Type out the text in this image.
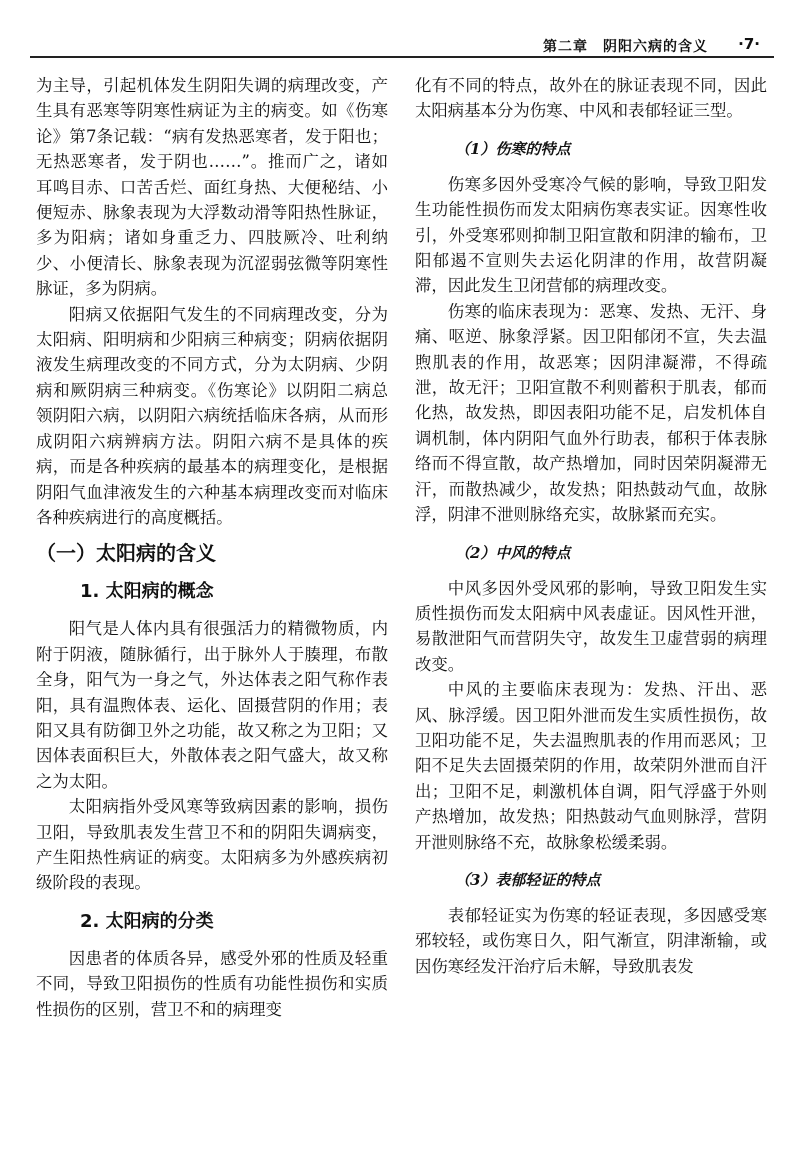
第二章　阴阳六病的含义 ·7·

为主导，引起机体发生阴阳失调的病理改变，产生具有恶寒等阴寒性病证为主的病变。如《伤寒论》第7条记载：“病有发热恶寒者，发于阳也；无热恶寒者，发于阴也……”。推而广之，诸如耳鸣目赤、口苦舌烂、面红身热、大便秘结、小便短赤、脉象表现为大浮数动滑等阳热性脉证，多为阳病；诸如身重乏力、四肢厥冷、吐利纳少、小便清长、脉象表现为沉涩弱弦微等阴寒性脉证，多为阴病。

阳病又依据阳气发生的不同病理改变，分为太阳病、阳明病和少阳病三种病变；阴病依据阴液发生病理改变的不同方式，分为太阴病、少阴病和厥阴病三种病变。《伤寒论》以阴阳二病总领阴阳六病，以阴阳六病统括临床各病，从而形成阴阳六病辨病方法。阴阳六病不是具体的疾病，而是各种疾病的最基本的病理变化，是根据阴阳气血津液发生的六种基本病理改变而对临床各种疾病进行的高度概括。

（一）太阳病的含义
1. 太阳病的概念

阳气是人体内具有很强活力的精微物质，内附于阴液，随脉循行，出于脉外人于腠理，布散全身，阳气为一身之气，外达体表之阳气称作表阳，具有温煦体表、运化、固摄营阴的作用；表阳又具有防御卫外之功能，故又称之为卫阳；又因体表面积巨大，外散体表之阳气盛大，故又称之为太阳。

太阳病指外受风寒等致病因素的影响，损伤卫阳，导致肌表发生营卫不和的阴阳失调病变，产生阳热性病证的病变。太阳病多为外感疾病初级阶段的表现。

2. 太阳病的分类

因患者的体质各异，感受外邪的性质及轻重不同，导致卫阳损伤的性质有功能性损伤和实质性损伤的区别，营卫不和的病理变

化有不同的特点，故外在的脉证表现不同，因此太阳病基本分为伤寒、中风和表郁轻证三型。

（1）伤寒的特点

伤寒多因外受寒冷气候的影响，导致卫阳发生功能性损伤而发太阳病伤寒表实证。因寒性收引，外受寒邪则抑制卫阳宣散和阴津的输布，卫阳郁遏不宣则失去运化阴津的作用，故营阴凝滞，因此发生卫闭营郁的病理改变。

伤寒的临床表现为：恶寒、发热、无汗、身痛、呕逆、脉象浮紧。因卫阳郁闭不宣，失去温煦肌表的作用，故恶寒；因阴津凝滞，不得疏泄，故无汗；卫阳宣散不利则蓄积于肌表，郁而化热，故发热，即因表阳功能不足，启发机体自调机制，体内阴阳气血外行助表，郁积于体表脉络而不得宣散，故产热增加，同时因荣阴凝滞无汗，而散热减少，故发热；阳热鼓动气血，故脉浮，阴津不泄则脉络充实，故脉紧而充实。

（2）中风的特点

中风多因外受风邪的影响，导致卫阳发生实质性损伤而发太阳病中风表虚证。因风性开泄，易散泄阳气而营阴失守，故发生卫虚营弱的病理改变。

中风的主要临床表现为：发热、汗出、恶风、脉浮缓。因卫阳外泄而发生实质性损伤，故卫阳功能不足，失去温煦肌表的作用而恶风；卫阳不足失去固摄荣阴的作用，故荣阴外泄而自汗出；卫阳不足，刺激机体自调，阳气浮盛于外则产热增加，故发热；阳热鼓动气血则脉浮，营阴开泄则脉络不充，故脉象松缓柔弱。

（3）表郁轻证的特点

表郁轻证实为伤寒的轻证表现，多因感受寒邪较轻，或伤寒日久，阳气渐宣，阴津渐输，或因伤寒经发汗治疗后未解，导致肌表发
